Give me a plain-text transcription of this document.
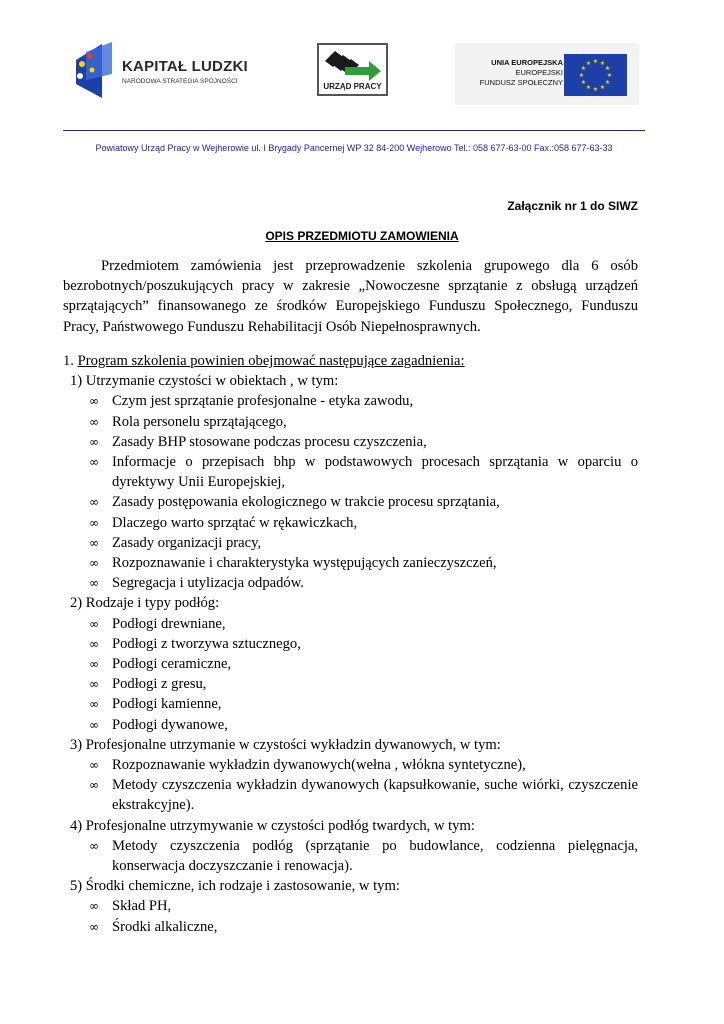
KAPITAŁ LUDZKI
NARODOWA STRATEGIA SPÓJNOŚCI
URZĄD PRACY
UNIA EUROPEJSKA
EUROPEJSKI
FUNDUSZ SPOŁECZNY
★ ★
★
★
★
★
★
★
★
★
★
★
Powiatowy Urząd Pracy w Wejherowie ul. I Brygady Pancernej WP 32 84-200 Wejherowo Tel.: 058 677-63-00 Fax.:058 677-63-33
Załącznik nr 1 do SIWZ
OPIS PRZEDMIOTU ZAMOWIENIA
Przedmiotem zamówienia jest przeprowadzenie szkolenia grupowego dla 6 osób bezrobotnych/poszukujących pracy w zakresie „Nowoczesne sprzątanie z obsługą urządzeń sprzątających” finansowanego ze środków Europejskiego Funduszu Społecznego, Funduszu Pracy, Państwowego Funduszu Rehabilitacji Osób Niepełnosprawnych.
1. Program szkolenia powinien obejmować następujące zagadnienia:
1) Utrzymanie czystości w obiektach , w tym:
∞ Czym jest sprzątanie profesjonalne - etyka zawodu,
∞ Rola personelu sprzątającego,
∞ Zasady BHP stosowane podczas procesu czyszczenia,
∞ Informacje o przepisach bhp w podstawowych procesach sprzątania w oparciu o dyrektywy Unii Europejskiej,
∞ Zasady postępowania ekologicznego w trakcie procesu sprzątania,
∞ Dlaczego warto sprzątać w rękawiczkach,
∞ Zasady organizacji pracy,
∞ Rozpoznawanie i charakterystyka występujących zanieczyszczeń,
∞ Segregacja i utylizacja odpadów.
2) Rodzaje i typy podłóg:
∞ Podłogi drewniane,
∞ Podłogi z tworzywa sztucznego,
∞ Podłogi ceramiczne,
∞ Podłogi z gresu,
∞ Podłogi kamienne,
∞ Podłogi dywanowe,
3) Profesjonalne utrzymanie w czystości wykładzin dywanowych, w tym:
∞ Rozpoznawanie wykładzin dywanowych(wełna , włókna syntetyczne),
∞ Metody czyszczenia wykładzin dywanowych (kapsułkowanie, suche wiórki, czyszczenie ekstrakcyjne).
4) Profesjonalne utrzymywanie w czystości podłóg twardych, w tym:
∞ Metody czyszczenia podłóg (sprzątanie po budowlance, codzienna pielęgnacja, konserwacja doczyszczanie i renowacja).
5) Środki chemiczne, ich rodzaje i zastosowanie, w tym:
∞ Skład PH,
∞ Środki alkaliczne,
